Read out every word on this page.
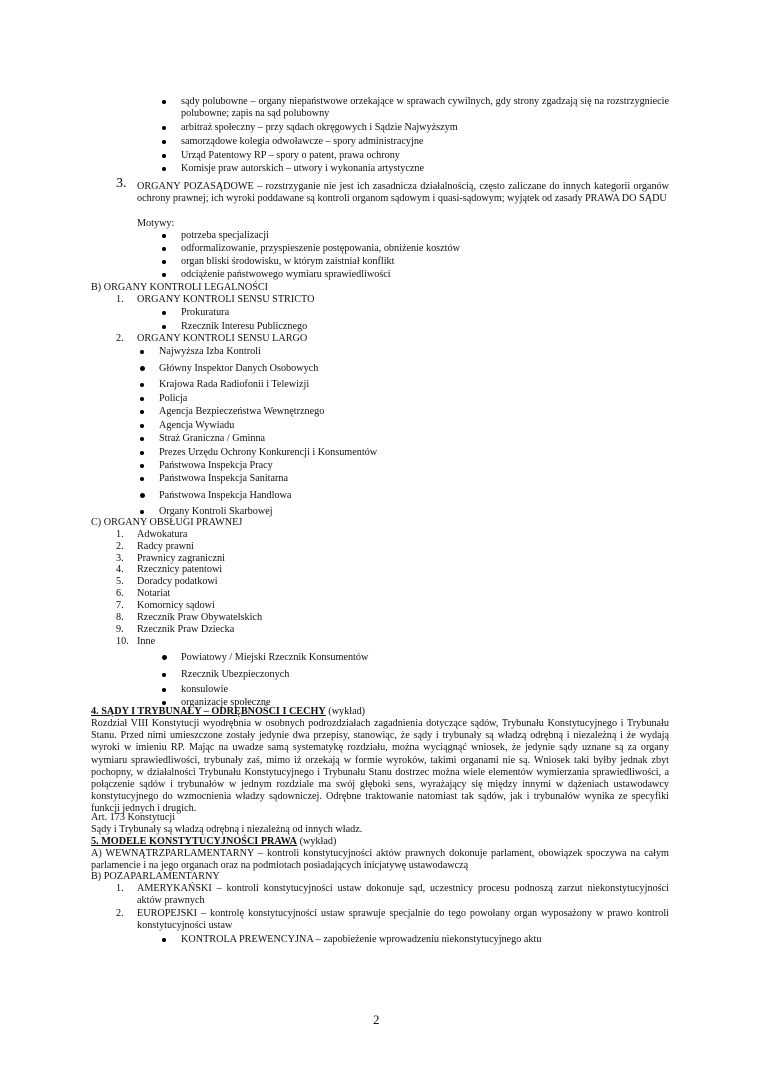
sądy polubowne – organy niepaństwowe orzekające w sprawach cywilnych, gdy strony zgadzają się na rozstrzygniecie polubowne; zapis na sąd polubowny
arbitraż społeczny – przy sądach okręgowych i Sądzie Najwyższym
samorządowe kolegia odwoławcze – spory administracyjne
Urząd Patentowy RP – spory o patent, prawa ochrony
Komisje praw autorskich – utwory i wykonania artystyczne
3. ORGANY POZASĄDOWE – rozstrzyganie nie jest ich zasadnicza działalnością, często zaliczane do innych kategorii organów ochrony prawnej; ich wyroki poddawane są kontroli organom sądowym i quasi-sądowym; wyjątek od zasady PRAWA DO SĄDU
Motywy:
potrzeba specjalizacji
odformalizowanie, przyspieszenie postępowania, obniżenie kosztów
organ bliski środowisku, w którym zaistniał konflikt
odciążenie państwowego wymiaru sprawiedliwości
B) ORGANY KONTROLI LEGALNOŚCI
1. ORGANY KONTROLI SENSU STRICTO
Prokuratura
Rzecznik Interesu Publicznego
2. ORGANY KONTROLI SENSU LARGO
Najwyższa Izba Kontroli
Główny Inspektor Danych Osobowych
Krajowa Rada Radiofonii i Telewizji
Policja
Agencja Bezpieczeństwa Wewnętrznego
Agencja Wywiadu
Straż Graniczna / Gminna
Prezes Urzędu Ochrony Konkurencji i Konsumentów
Państwowa Inspekcja Pracy
Państwowa Inspekcja Sanitarna
Państwowa Inspekcja Handlowa
Organy Kontroli Skarbowej
C) ORGANY OBSŁUGI PRAWNEJ
1. Adwokatura
2. Radcy prawni
3. Prawnicy zagraniczni
4. Rzecznicy patentowi
5. Doradcy podatkowi
6. Notariat
7. Komornicy sądowi
8. Rzecznik Praw Obywatelskich
9. Rzecznik Praw Dziecka
10. Inne
Powiatowy / Miejski Rzecznik Konsumentów
Rzecznik Ubezpieczonych
konsulowie
organizacje społeczne
4. SĄDY I TRYBUNAŁY – ODRĘBNOŚCI I CECHY (wykład)
Rozdział VIII Konstytucji wyodrębnia w osobnych podrozdziałach zagadnienia dotyczące sądów, Trybunału Konstytucyjnego i Trybunału Stanu. Przed nimi umieszczone zostały jedynie dwa przepisy, stanowiąc, że sądy i trybunały są władzą odrębną i niezależną i że wydają wyroki w imieniu RP. Mając na uwadze samą systematykę rozdziału, można wyciągnąć wniosek, że jedynie sądy uznane są za organy wymiaru sprawiedliwości, trybunały zaś, mimo iż orzekają w formie wyroków, takimi organami nie są. Wniosek taki byłby jednak zbyt pochopny, w działalności Trybunału Konstytucyjnego i Trybunału Stanu dostrzec można wiele elementów wymierzania sprawiedliwości, a połączenie sądów i trybunałów w jednym rozdziale ma swój głęboki sens, wyrażający się między innymi w dążeniach ustawodawcy konstytucyjnego do wzmocnienia władzy sądowniczej. Odrębne traktowanie natomiast tak sądów, jak i trybunałów wynika ze specyfiki funkcji jednych i drugich.
Art. 173 Konstytucji
Sądy i Trybunały są władzą odrębną i niezależną od innych władz.
5. MODELE KONSTYTUCYJNOŚCI PRAWA (wykład)
A) WEWNĄTRZPARLAMENTARNY – kontroli konstytucyjności aktów prawnych dokonuje parlament, obowiązek spoczywa na całym parlamencie i na jego organach oraz na podmiotach posiadających inicjatywę ustawodawczą
B) POZAPARLAMENTARNY
1. AMERYKAŃSKI – kontroli konstytucyjności ustaw dokonuje sąd, uczestnicy procesu podnoszą zarzut niekonstytucyjności aktów prawnych
2. EUROPEJSKI – kontrolę konstytucyjności ustaw sprawuje specjalnie do tego powołany organ wyposażony w prawo kontroli konstytucyjności ustaw
KONTROLA PREWENCYJNA – zapobieżenie wprowadzeniu niekonstytucyjnego aktu
2
